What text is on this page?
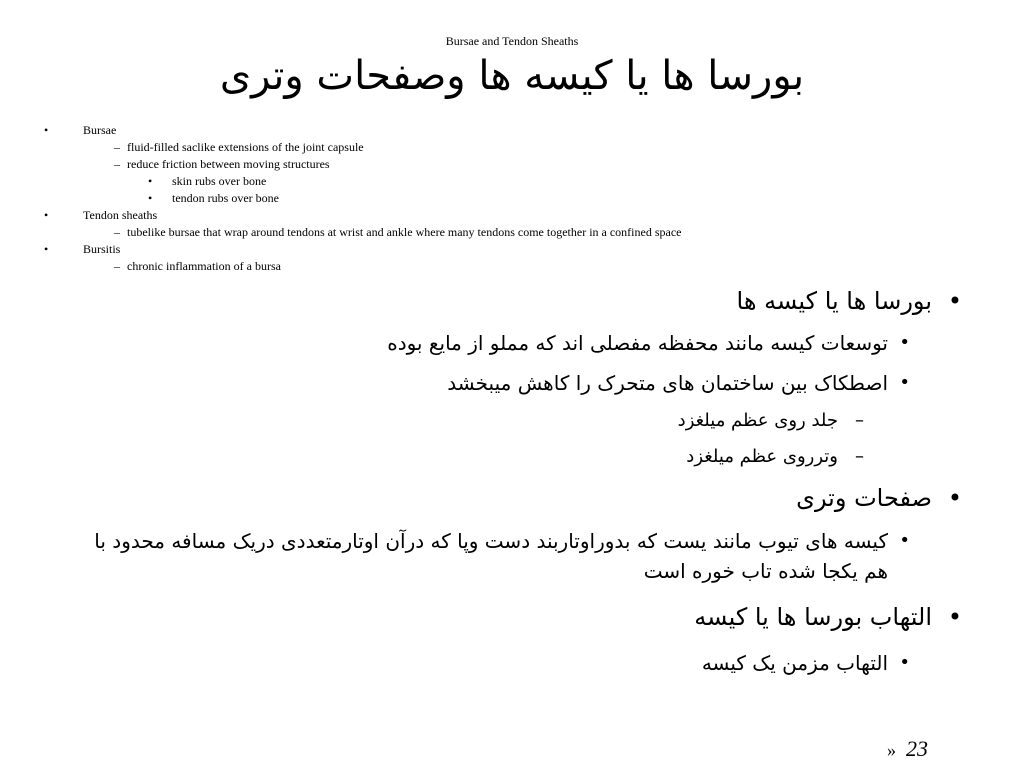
Bursae and Tendon Sheaths
بورسا ها یا کیسه ها وصفحات وتری
•	Bursae
– fluid-filled saclike extensions of the joint capsule
– reduce friction between moving structures
• skin rubs over bone
• tendon rubs over bone
•	Tendon sheaths
– tubelike bursae that wrap around tendons at wrist and ankle where many tendons come together in a confined space
•	Bursitis
– chronic inflammation of a bursa
•
بورسا ها یا کیسه ها
•
توسعات کیسه مانند محفظه مفصلی اند که مملو از مایع بوده
•
اصطکاک بین ساختمان های متحرک را کاهش میبخشد
–
جلد روی عظم میلغزد
–
وترروی عظم میلغزد
•
صفحات وتری
•
کیسه های تیوب مانند یست که بدوراوتاربند دست وپا که درآن اوتارمتعددی دریک مسافه محدود با هم یکجا شده تاب خوره است
•
التهاب بورسا ها یا کیسه
•
التهاب مزمن یک کیسه
» 23
